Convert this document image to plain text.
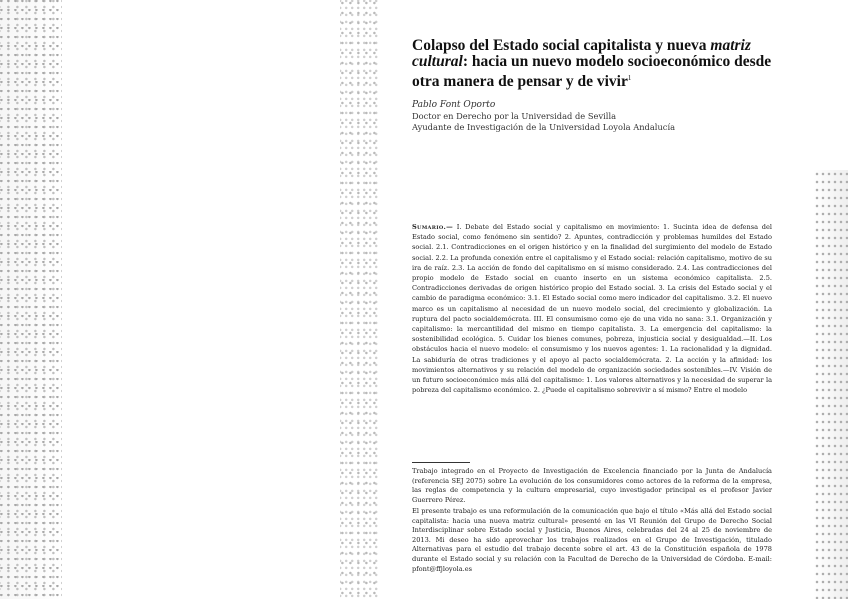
Colapso del Estado social capitalista y nueva matriz cultural: hacia un nuevo modelo socioeconómico desde otra manera de pensar y de vivir$^1$
Pablo Font Oporto
Doctor en Derecho por la Universidad de Sevilla
Ayudante de Investigación de la Universidad Loyola Andalucía

Sumario.— I. Debate del Estado social y capitalismo en movimiento: 1. Sucinta idea de defensa del Estado social, como fenómeno sin sentido? 2. Apuntes, contradicción y problemas humildes del Estado social. 2.1. Contradicciones en el origen histórico y en la finalidad del surgimiento del modelo de Estado social. 2.2. La profunda conexión entre el capitalismo y el Estado social: relación capitalismo, motivo de su ira de raíz. 2.3. La acción de fondo del capitalismo en sí mismo considerado. 2.4. Las contradicciones del propio modelo de Estado social en cuanto inserto en un sistema económico capitalista. 2.5. Contradicciones derivadas de origen histórico propio del Estado social. 3. La crisis del Estado social y el cambio de paradigma económico: 3.1. El Estado social como mero indicador del capitalismo. 3.2. El nuevo marco es un capitalismo al necesidad de un nuevo modelo social, del crecimiento y globalización. La ruptura del pacto socialdemócrata. III. El consumismo como eje de una vida no sana: 3.1. Organización y capitalismo: la mercantilidad del mismo en tiempo capitalista. 3. La emergencia del capitalismo: la sostenibilidad ecológica. 5. Cuidar los bienes comunes, pobreza, injusticia social y desigualdad.—II. Los obstáculos hacia el nuevo modelo: el consumismo y los nuevos agentes: 1. La racionalidad y la dignidad. La sabiduría de otras tradiciones y el apoyo al pacto socialdemócrata. 2. La acción y la afinidad: los movimientos alternativos y su relación del modelo de organización sociedades sostenibles.—IV. Visión de un futuro socioeconómico más allá del capitalismo: 1. Los valores alternativos y la necesidad de superar la pobreza del capitalismo económico. 2. ¿Puede el capitalismo sobrevivir a sí mismo? Entre el modelo

Trabajo integrado en el Proyecto de Investigación de Excelencia financiado por la Junta de Andalucía (referencia SEJ 2075) sobre La evolución de los consumidores como actores de la reforma de la empresa, las reglas de competencia y la cultura empresarial, cuyo investigador principal es el profesor Javier Guerrero Pérez.

El presente trabajo es una reformulación de la comunicación que bajo el título «Más allá del Estado social capitalista: hacia una nueva matriz cultural» presenté en las VI Reunión del Grupo de Derecho Social Interdisciplinar sobre Estado social y Justicia, Buenos Aires, celebradas del 24 al 25 de noviembre de 2013. Mi deseo ha sido aprovechar los trabajos realizados en el Grupo de Investigación, titulado Alternativas para el estudio del trabajo decente sobre el art. 43 de la Constitución española de 1978 durante el Estado social y su relación con la Facultad de Derecho de la Universidad de Córdoba. E-mail: pfont@ffjloyola.es
